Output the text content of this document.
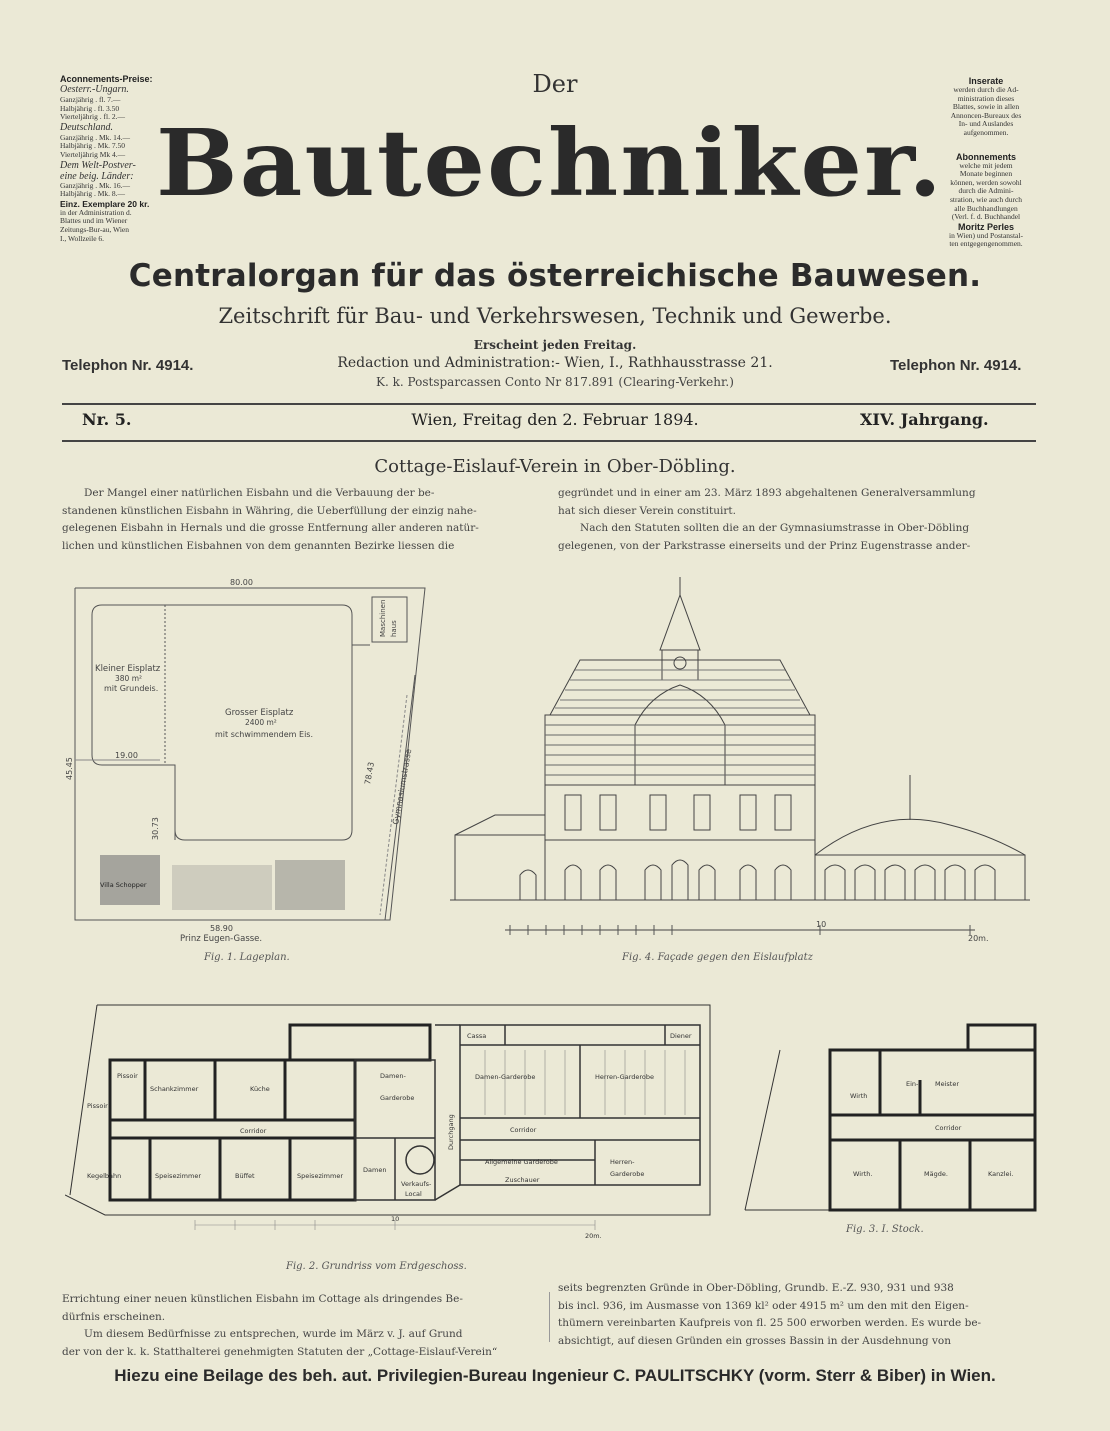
Aconnements-Preise:
Oesterr.-Ungarn.
Ganzjährig . fl. 7.—
Halbjährig . fl. 3.50
Vierteljährig . fl. 2.—
Deutschland.
Ganzjährig . Mk. 14.—
Halbjährig . Mk. 7.50
Vierteljährig Mk 4.—
Dem Welt-Postver-
eine beig. Länder:
Ganzjährig . Mk. 16.—
Halbjährig . Mk. 8.—
Einz. Exemplare 20 kr.
in der Administration d.
Blattes und im Wiener
Zeitungs-Bur-au, Wien
I., Wollzeile 6.
Inserate
werden durch die Ad-
ministration dieses
Blattes, sowie in allen
Annoncen-Bureaux des
In- und Auslandes
aufgenommen.
Abonnements
welche mit jedem
Monate beginnen
können, werden sowohl
durch die Admini-
stration, wie auch durch
alle Buchhandlungen
(Verl. f. d. Buchhandel
Moritz Perles
in Wien) und Postanstal-
ten entgegengenommen.
Der
Bautechniker.
Centralorgan für das österreichische Bauwesen.
Zeitschrift für Bau- und Verkehrswesen, Technik und Gewerbe.
Erscheint jeden Freitag.
Redaction und Administration:- Wien, I., Rathhausstrasse 21.
K. k. Postsparcassen Conto Nr 817.891 (Clearing-Verkehr.)
Telephon Nr. 4914.	Telephon Nr. 4914.
Nr. 5.	Wien, Freitag den 2. Februar 1894.	XIV. Jahrgang.
Cottage-Eislauf-Verein in Ober-Döbling.

Der Mangel einer natürlichen Eisbahn und die Verbauung der be-

standenen künstlichen Eisbahn in Währing, die Ueberfüllung der einzig nahe-

gelegenen Eisbahn in Hernals und die grosse Entfernung aller anderen natür-

lichen und künstlichen Eisbahnen von dem genannten Bezirke liessen die

gegründet und in einer am 23. März 1893 abgehaltenen Generalversammlung

hat sich dieser Verein constituirt.

Nach den Statuten sollten die an der Gymnasiumstrasse in Ober-Döbling

gelegenen, von der Parkstrasse einerseits und der Prinz Eugenstrasse ander-

80.00
58.90
19.00
45.45
30.73
78.43
Kleiner Eisplatz
380 m²
mit Grundeis.
Grosser Eisplatz
2400 m²
mit schwimmendem Eis.
Maschinen haus
Villa Schopper
Prinz Eugen-Gasse.
Gymnasiumstrasse
Fig. 1. Lageplan.
10
20m.
Fig. 4. Façade gegen den Eislaufplatz
Pissoir
Pissoir
Schankzimmer	Küche
Corridor
Kegelbahn	Speisezimmer	Büffet	Speisezimmer
Damen-
Garderobe
Damen
Verkaufs-
Local
Durchgang
Cassa	Diener
Damen-Garderobe	Herren-Garderobe
Corridor
Allgemeine Garderobe
Zuschauer
Herren-
Garderobe
10
20m.
Fig. 2. Grundriss vom Erdgeschoss.
Wirth
Ein-	Meister
Corridor
Wirth.	Mägde.	Kanzlei.
Fig. 3. I. Stock.

Errichtung einer neuen künstlichen Eisbahn im Cottage als dringendes Be-

dürfnis erscheinen.

Um diesem Bedürfnisse zu entsprechen, wurde im März v. J. auf Grund

der von der k. k. Statthalterei genehmigten Statuten der „Cottage-Eislauf-Verein“

seits begrenzten Gründe in Ober-Döbling, Grundb. E.-Z. 930, 931 und 938

bis incl. 936, im Ausmasse von 1369 kl² oder 4915 m² um den mit den Eigen-

thümern vereinbarten Kaufpreis von fl. 25 500 erworben werden. Es wurde be-

absichtigt, auf diesen Gründen ein grosses Bassin in der Ausdehnung von

Hiezu eine Beilage des beh. aut. Privilegien-Bureau Ingenieur C. PAULITSCHKY (vorm. Sterr & Biber) in Wien.
